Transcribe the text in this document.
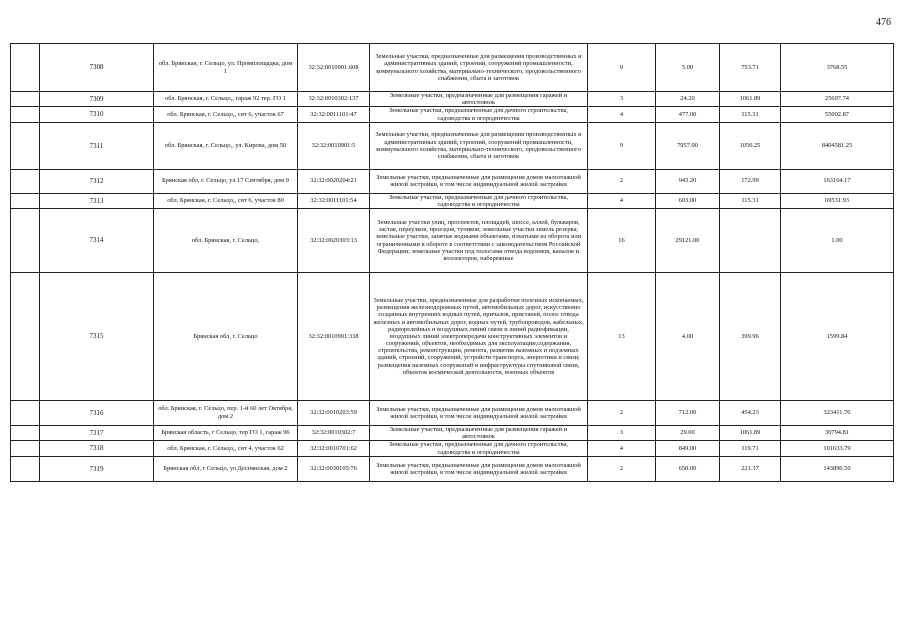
476
	7308	обл. Брянская, г. Сельцо, ул. Промплощадка, дом 1	32:32:0010901:608	Земельные участки, предназначенные для размещения производственных и административных зданий, строений, сооружений промышленности, коммунального хозяйства, материально-технического, продовольственного снабжения, сбыта и заготовок	9	5.00	753.71	3768.55
	7309	обл. Брянская, г. Сельцо,, гараж 92 тер. ГО 1	32:32:0010302:137	Земельные участки, предназначенные для размещения гаражей и автостоянок	3	24.20	1061.89	25697.74
	7310	обл. Брянская, г. Сельцо,, снт 6, участок 67	32:32:0011101:47	Земельные участки, предназначенные для дачного строительства, садоводства и огородничества	4	477.00	115.31	55002.87
	7311	обл. Брянская, г. Сельцо,, ул. Кирова, дом 50	32:32:0010901:5	Земельные участки, предназначенные для размещения производственных и административных зданий, строений, сооружений промышленности, коммунального хозяйства, материально-технического, продовольственного снабжения, сбыта и заготовок	9	7957.00	1056.25	8404581.25
	7312	Брянская обл, г. Сельцо, ул 17 Сентября, дом 9	32:32:0020204:21	Земельные участки, предназначенные для размещения домов малоэтажной жилой застройки, в том числе индивидуальной жилой застройки	2	943.20	172.99	163164.17
	7313	обл. Брянская, г. Сельцо,, снт 6, участок 80	32:32:0011101:54	Земельные участки, предназначенные для дачного строительства, садоводства и огородничества	4	603.00	115.31	69531.93
	7314	обл. Брянская, г. Сельцо,	32:32:0020303:13	Земельные участки улиц, проспектов, площадей, шоссе, аллей, бульваров, застав, переулков, проездов, тупиков; земельные участки земель резерва; земельные участки, занятые водными объектами, изъятыми из оборота или ограниченными в обороте в соответствии с законодательством Российской Федерации; земельные участки под полосами отвода водоемов, каналов и коллекторов, набережные	16	29121.00		1.00
	7315	Брянская обл, г. Сельцо	32:32:0010901:338	Земельные участки, предназначенные для разработки полезных ископаемых, размещения железнодорожных путей, автомобильных дорог, искусственно созданных внутренних водных путей, причалов, пристаней, полос отвода железных и автомобильных дорог, водных путей, трубопроводов, кабельных, радиорелейных и воздушных линий связи и линий радиофикации, воздушных линий электропередачи конструктивных элементов и сооружений, объектов, необходимых для эксплуатации,содержания, строительства, реконструкции, ремонта, развития наземных и подземных зданий, строений, сооружений, устройств транспорта, энергетики и связи; размещения наземных сооружений и инфраструктуры спутниковой связи, объектов космической деятельности, военных объектов	13	4.00	399.96	1599.84
	7316	обл. Брянская, г. Сельцо, пер. 1-й 60 лет Октября, дом 2	32:32:0010203:59	Земельные участки, предназначенные для размещения домов малоэтажной жилой застройки, в том числе индивидуальной жилой застройки	2	712.00	454.23	323411.76
	7317	Брянская область, г Сельцо, тер ГО 1, гараж 96	32:32:0010302:7	Земельные участки, предназначенные для размещения гаражей и автостоянок	3	29.00	1061.89	30794.81
	7318	обл. Брянская, г. Сельцо,, снт 4, участок 62	32:32:0010701:62	Земельные участки, предназначенные для дачного строительства, садоводства и огородничества	4	849.00	119.71	101633.79
	7319	Брянская обл, г Сельцо, ул Деснянская, дом 2	32:32:0030105:76	Земельные участки, предназначенные для размещения домов малоэтажной жилой застройки, в том числе индивидуальной жилой застройки	2	650.00	221.37	143890.50
